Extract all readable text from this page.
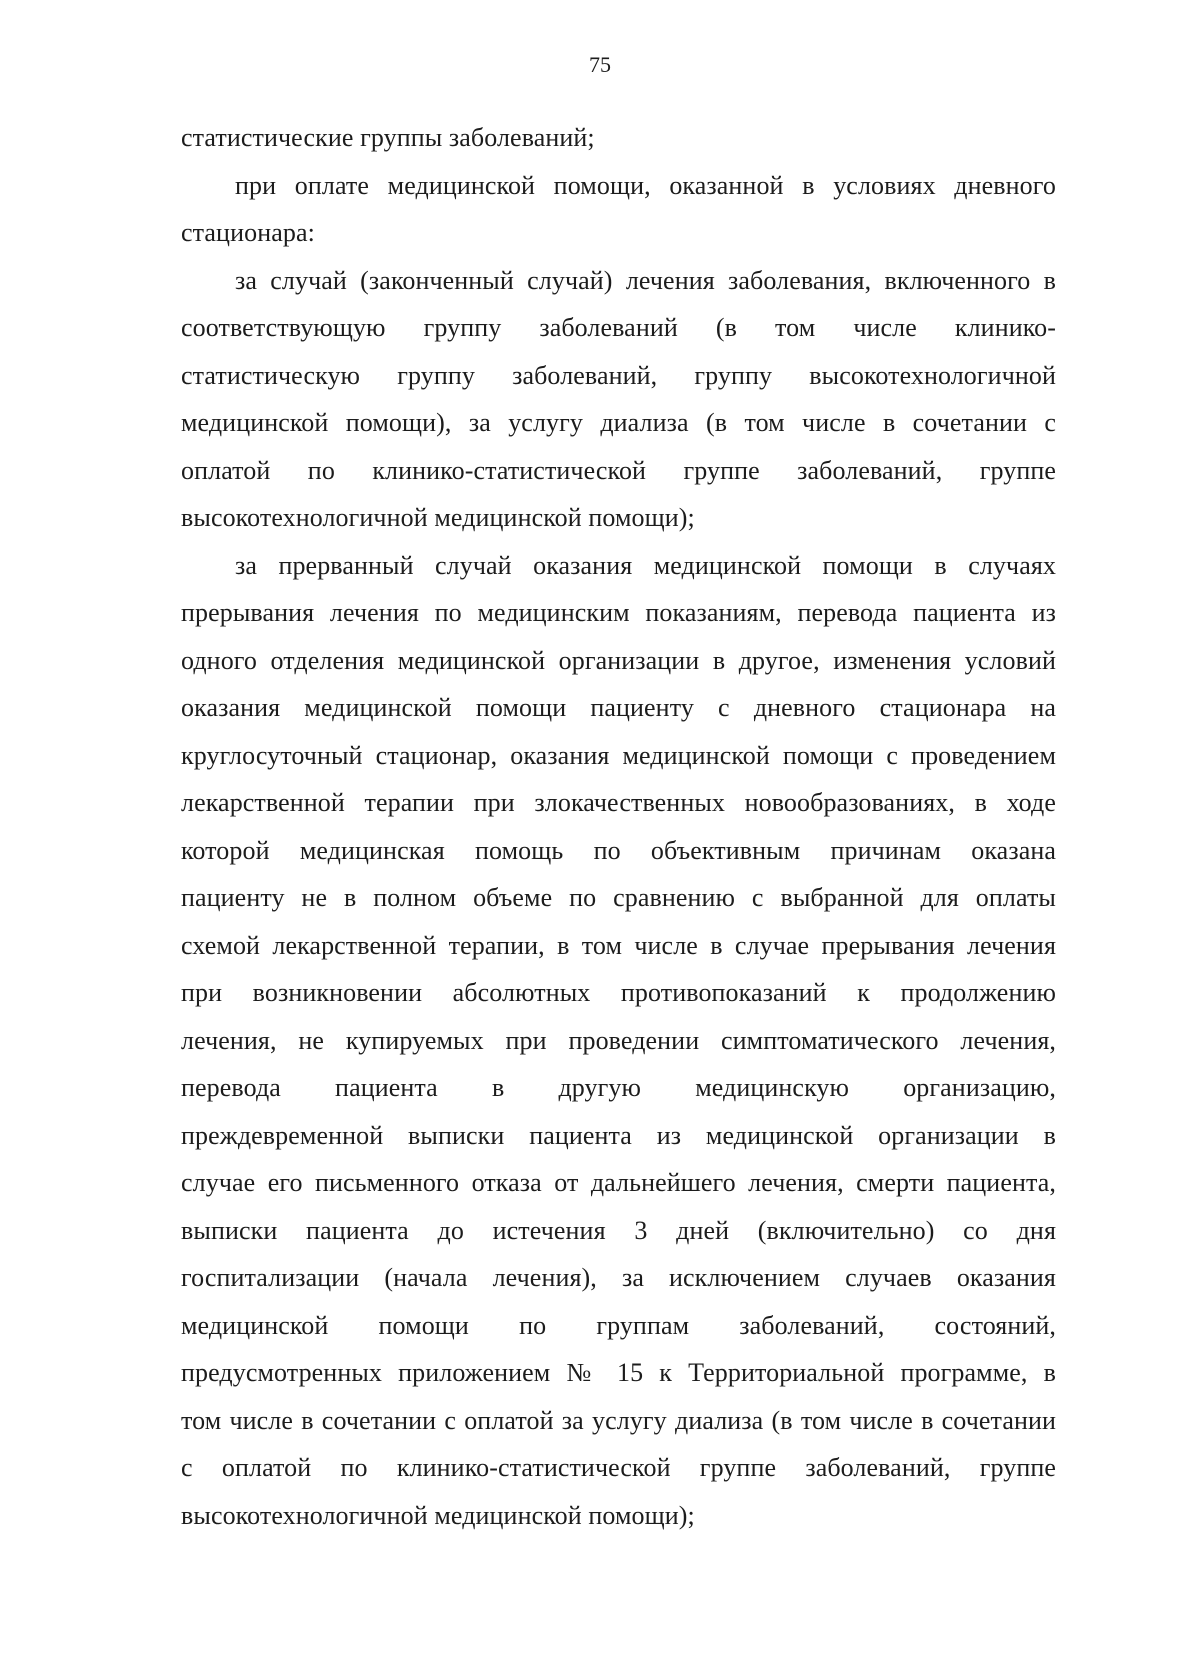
75
статистические группы заболеваний;
при оплате медицинской помощи, оказанной в условиях дневного
стационара:
за случай (законченный случай) лечения заболевания, включенного в
соответствующую группу заболеваний (в том числе клинико-
статистическую группу заболеваний, группу высокотехнологичной
медицинской помощи), за услугу диализа (в том числе в сочетании с
оплатой по клинико-статистической группе заболеваний, группе
высокотехнологичной медицинской помощи);
за прерванный случай оказания медицинской помощи в случаях
прерывания лечения по медицинским показаниям, перевода пациента из
одного отделения медицинской организации в другое, изменения условий
оказания медицинской помощи пациенту с дневного стационара на
круглосуточный стационар, оказания медицинской помощи с проведением
лекарственной терапии при злокачественных новообразованиях, в ходе
которой медицинская помощь по объективным причинам оказана
пациенту не в полном объеме по сравнению с выбранной для оплаты
схемой лекарственной терапии, в том числе в случае прерывания лечения
при возникновении абсолютных противопоказаний к продолжению
лечения, не купируемых при проведении симптоматического лечения,
перевода пациента в другую медицинскую организацию,
преждевременной выписки пациента из медицинской организации в
случае его письменного отказа от дальнейшего лечения, смерти пациента,
выписки пациента до истечения 3 дней (включительно) со дня
госпитализации (начала лечения), за исключением случаев оказания
медицинской помощи по группам заболеваний, состояний,
предусмотренных приложением № 15 к Территориальной программе, в
том числе в сочетании с оплатой за услугу диализа (в том числе в сочетании
с оплатой по клинико-статистической группе заболеваний, группе
высокотехнологичной медицинской помощи);
